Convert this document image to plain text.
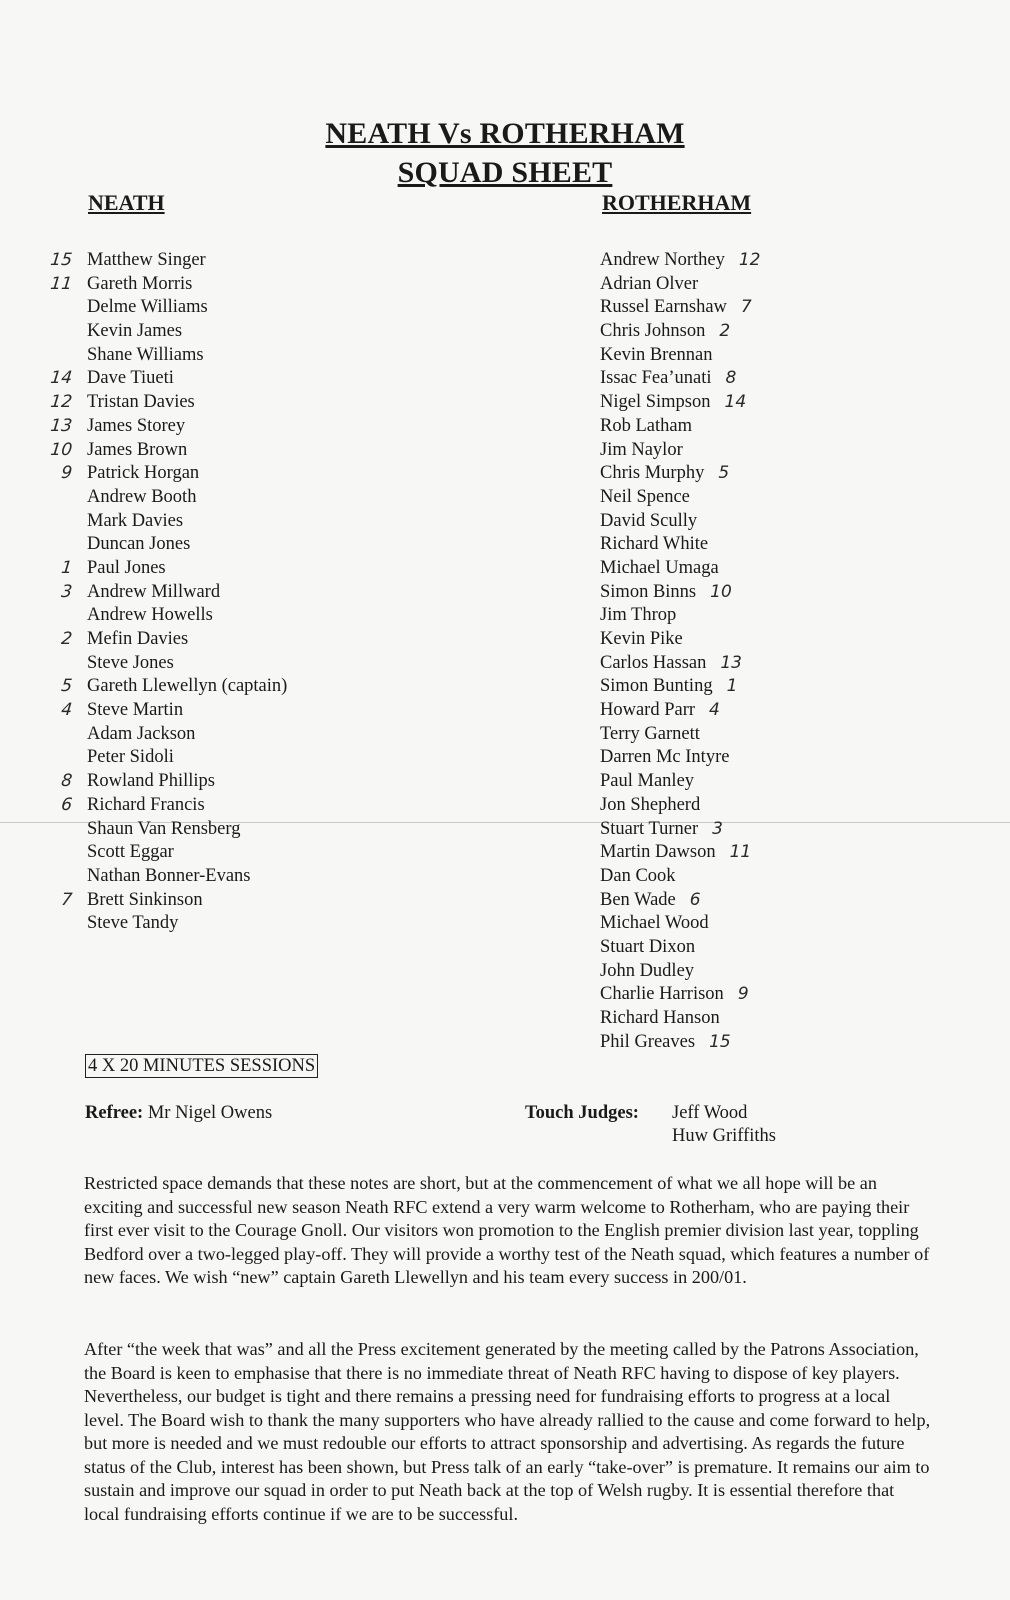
NEATH Vs ROTHERHAM
SQUAD SHEET
NEATH	ROTHERHAM
15 Matthew Singer
11 Gareth Morris
Delme Williams
Kevin James
Shane Williams
14 Dave Tiueti
12 Tristan Davies
13 James Storey
10 James Brown
9 Patrick Horgan
Andrew Booth
Mark Davies
Duncan Jones
1 Paul Jones
3 Andrew Millward
Andrew Howells
2 Mefin Davies
Steve Jones
5 Gareth Llewellyn (captain)
4 Steve Martin
Adam Jackson
Peter Sidoli
8 Rowland Phillips
6 Richard Francis
Shaun Van Rensberg
Scott Eggar
Nathan Bonner-Evans
7 Brett Sinkinson
Steve Tandy
Andrew Northey 12
Adrian Olver
Russel Earnshaw 7
Chris Johnson 2
Kevin Brennan
Issac Fea’unati 8
Nigel Simpson 14
Rob Latham
Jim Naylor
Chris Murphy 5
Neil Spence
David Scully
Richard White
Michael Umaga
Simon Binns 10
Jim Throp
Kevin Pike
Carlos Hassan 13
Simon Bunting 1
Howard Parr 4
Terry Garnett
Darren Mc Intyre
Paul Manley
Jon Shepherd
Stuart Turner 3
Martin Dawson 11
Dan Cook
Ben Wade 6
Michael Wood
Stuart Dixon
John Dudley
Charlie Harrison 9
Richard Hanson
Phil Greaves 15
4 X 20 MINUTES SESSIONS
Refree: Mr Nigel Owens	Touch Judges: Jeff Wood
Huw Griffiths

Restricted space demands that these notes are short, but at the commencement of what we all hope will be an exciting and successful new season Neath RFC extend a very warm welcome to Rotherham, who are paying their first ever visit to the Courage Gnoll. Our visitors won promotion to the English premier division last year, toppling Bedford over a two-legged play-off. They will provide a worthy test of the Neath squad, which features a number of new faces. We wish “new” captain Gareth Llewellyn and his team every success in 200/01.

After “the week that was” and all the Press excitement generated by the meeting called by the Patrons Association, the Board is keen to emphasise that there is no immediate threat of Neath RFC having to dispose of key players. Nevertheless, our budget is tight and there remains a pressing need for fundraising efforts to progress at a local level. The Board wish to thank the many supporters who have already rallied to the cause and come forward to help, but more is needed and we must redouble our efforts to attract sponsorship and advertising. As regards the future status of the Club, interest has been shown, but Press talk of an early “take-over” is premature. It remains our aim to sustain and improve our squad in order to put Neath back at the top of Welsh rugby. It is essential therefore that local fundraising efforts continue if we are to be successful.
